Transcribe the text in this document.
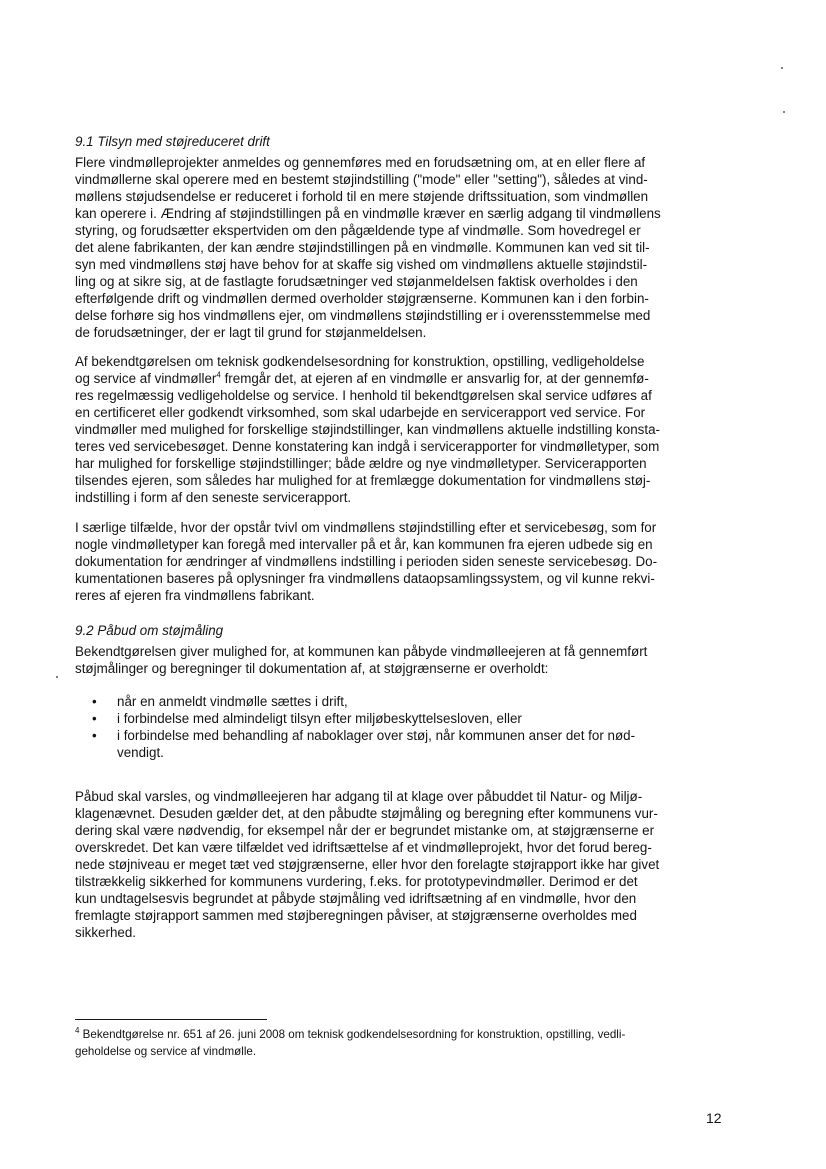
9.1 Tilsyn med støjreduceret drift
Flere vindmølleprojekter anmeldes og gennemføres med en forudsætning om, at en eller flere af
vindmøllerne skal operere med en bestemt støjindstilling ("mode" eller "setting"), således at vind-
møllens støjudsendelse er reduceret i forhold til en mere støjende driftssituation, som vindmøllen
kan operere i. Ændring af støjindstillingen på en vindmølle kræver en særlig adgang til vindmøllens
styring, og forudsætter ekspertviden om den pågældende type af vindmølle. Som hovedregel er
det alene fabrikanten, der kan ændre støjindstillingen på en vindmølle. Kommunen kan ved sit til-
syn med vindmøllens støj have behov for at skaffe sig vished om vindmøllens aktuelle støjindstil-
ling og at sikre sig, at de fastlagte forudsætninger ved støjanmeldelsen faktisk overholdes i den
efterfølgende drift og vindmøllen dermed overholder støjgrænserne. Kommunen kan i den forbin-
delse forhøre sig hos vindmøllens ejer, om vindmøllens støjindstilling er i overensstemmelse med
de forudsætninger, der er lagt til grund for støjanmeldelsen.
Af bekendtgørelsen om teknisk godkendelsesordning for konstruktion, opstilling, vedligeholdelse
og service af vindmøller$^4$ fremgår det, at ejeren af en vindmølle er ansvarlig for, at der gennemfø-
res regelmæssig vedligeholdelse og service. I henhold til bekendtgørelsen skal service udføres af
en certificeret eller godkendt virksomhed, som skal udarbejde en servicerapport ved service. For
vindmøller med mulighed for forskellige støjindstillinger, kan vindmøllens aktuelle indstilling konsta-
teres ved servicebesøget. Denne konstatering kan indgå i servicerapporter for vindmølletyper, som
har mulighed for forskellige støjindstillinger; både ældre og nye vindmølletyper. Servicerapporten
tilsendes ejeren, som således har mulighed for at fremlægge dokumentation for vindmøllens støj-
indstilling i form af den seneste servicerapport.
I særlige tilfælde, hvor der opstår tvivl om vindmøllens støjindstilling efter et servicebesøg, som for
nogle vindmølletyper kan foregå med intervaller på et år, kan kommunen fra ejeren udbede sig en
dokumentation for ændringer af vindmøllens indstilling i perioden siden seneste servicebesøg. Do-
kumentationen baseres på oplysninger fra vindmøllens dataopsamlingssystem, og vil kunne rekvi-
reres af ejeren fra vindmøllens fabrikant.
9.2 Påbud om støjmåling
Bekendtgørelsen giver mulighed for, at kommunen kan påbyde vindmølleejeren at få gennemført
støjmålinger og beregninger til dokumentation af, at støjgrænserne er overholdt:
• når en anmeldt vindmølle sættes i drift,
• i forbindelse med almindeligt tilsyn efter miljøbeskyttelsesloven, eller
• i forbindelse med behandling af naboklager over støj, når kommunen anser det for nød-
vendigt.
Påbud skal varsles, og vindmølleejeren har adgang til at klage over påbuddet til Natur- og Miljø-
klagenævnet. Desuden gælder det, at den påbudte støjmåling og beregning efter kommunens vur-
dering skal være nødvendig, for eksempel når der er begrundet mistanke om, at støjgrænserne er
overskredet. Det kan være tilfældet ved idriftsættelse af et vindmølleprojekt, hvor det forud bereg-
nede støjniveau er meget tæt ved støjgrænserne, eller hvor den forelagte støjrapport ikke har givet
tilstrækkelig sikkerhed for kommunens vurdering, f.eks. for prototypevindmøller. Derimod er det
kun undtagelsesvis begrundet at påbyde støjmåling ved idriftsætning af en vindmølle, hvor den
fremlagte støjrapport sammen med støjberegningen påviser, at støjgrænserne overholdes med
sikkerhed.
$^4$ Bekendtgørelse nr. 651 af 26. juni 2008 om teknisk godkendelsesordning for konstruktion, opstilling, vedli-
geholdelse og service af vindmølle.
12
